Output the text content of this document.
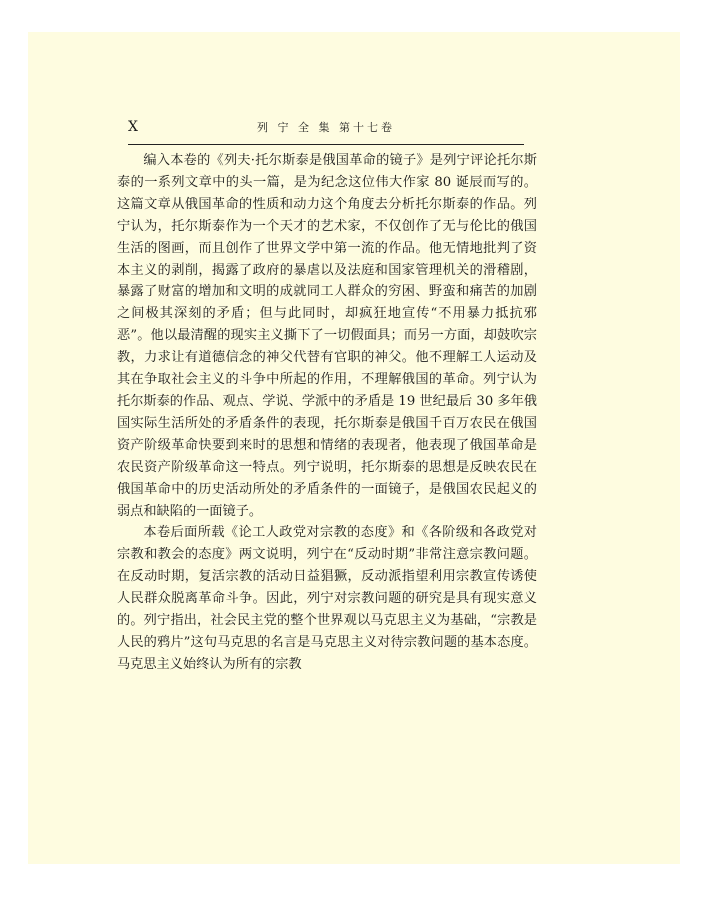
X	列 宁 全 集 第十七卷

编入本卷的《列夫·托尔斯泰是俄国革命的镜子》是列宁评论托尔斯泰的一系列文章中的头一篇，是为纪念这位伟大作家 80 诞辰而写的。这篇文章从俄国革命的性质和动力这个角度去分析托尔斯泰的作品。列宁认为，托尔斯泰作为一个天才的艺术家，不仅创作了无与伦比的俄国生活的图画，而且创作了世界文学中第一流的作品。他无情地批判了资本主义的剥削，揭露了政府的暴虐以及法庭和国家管理机关的滑稽剧，暴露了财富的增加和文明的成就同工人群众的穷困、野蛮和痛苦的加剧之间极其深刻的矛盾；但与此同时，却疯狂地宣传“不用暴力抵抗邪恶”。他以最清醒的现实主义撕下了一切假面具；而另一方面，却鼓吹宗教，力求让有道德信念的神父代替有官职的神父。他不理解工人运动及其在争取社会主义的斗争中所起的作用，不理解俄国的革命。列宁认为托尔斯泰的作品、观点、学说、学派中的矛盾是 19 世纪最后 30 多年俄国实际生活所处的矛盾条件的表现，托尔斯泰是俄国千百万农民在俄国资产阶级革命快要到来时的思想和情绪的表现者，他表现了俄国革命是农民资产阶级革命这一特点。列宁说明，托尔斯泰的思想是反映农民在俄国革命中的历史活动所处的矛盾条件的一面镜子，是俄国农民起义的弱点和缺陷的一面镜子。

本卷后面所载《论工人政党对宗教的态度》和《各阶级和各政党对宗教和教会的态度》两文说明，列宁在“反动时期”非常注意宗教问题。在反动时期，复活宗教的活动日益猖獗，反动派指望利用宗教宣传诱使人民群众脱离革命斗争。因此，列宁对宗教问题的研究是具有现实意义的。列宁指出，社会民主党的整个世界观以马克思主义为基础，“宗教是人民的鸦片”这句马克思的名言是马克思主义对待宗教问题的基本态度。马克思主义始终认为所有的宗教
